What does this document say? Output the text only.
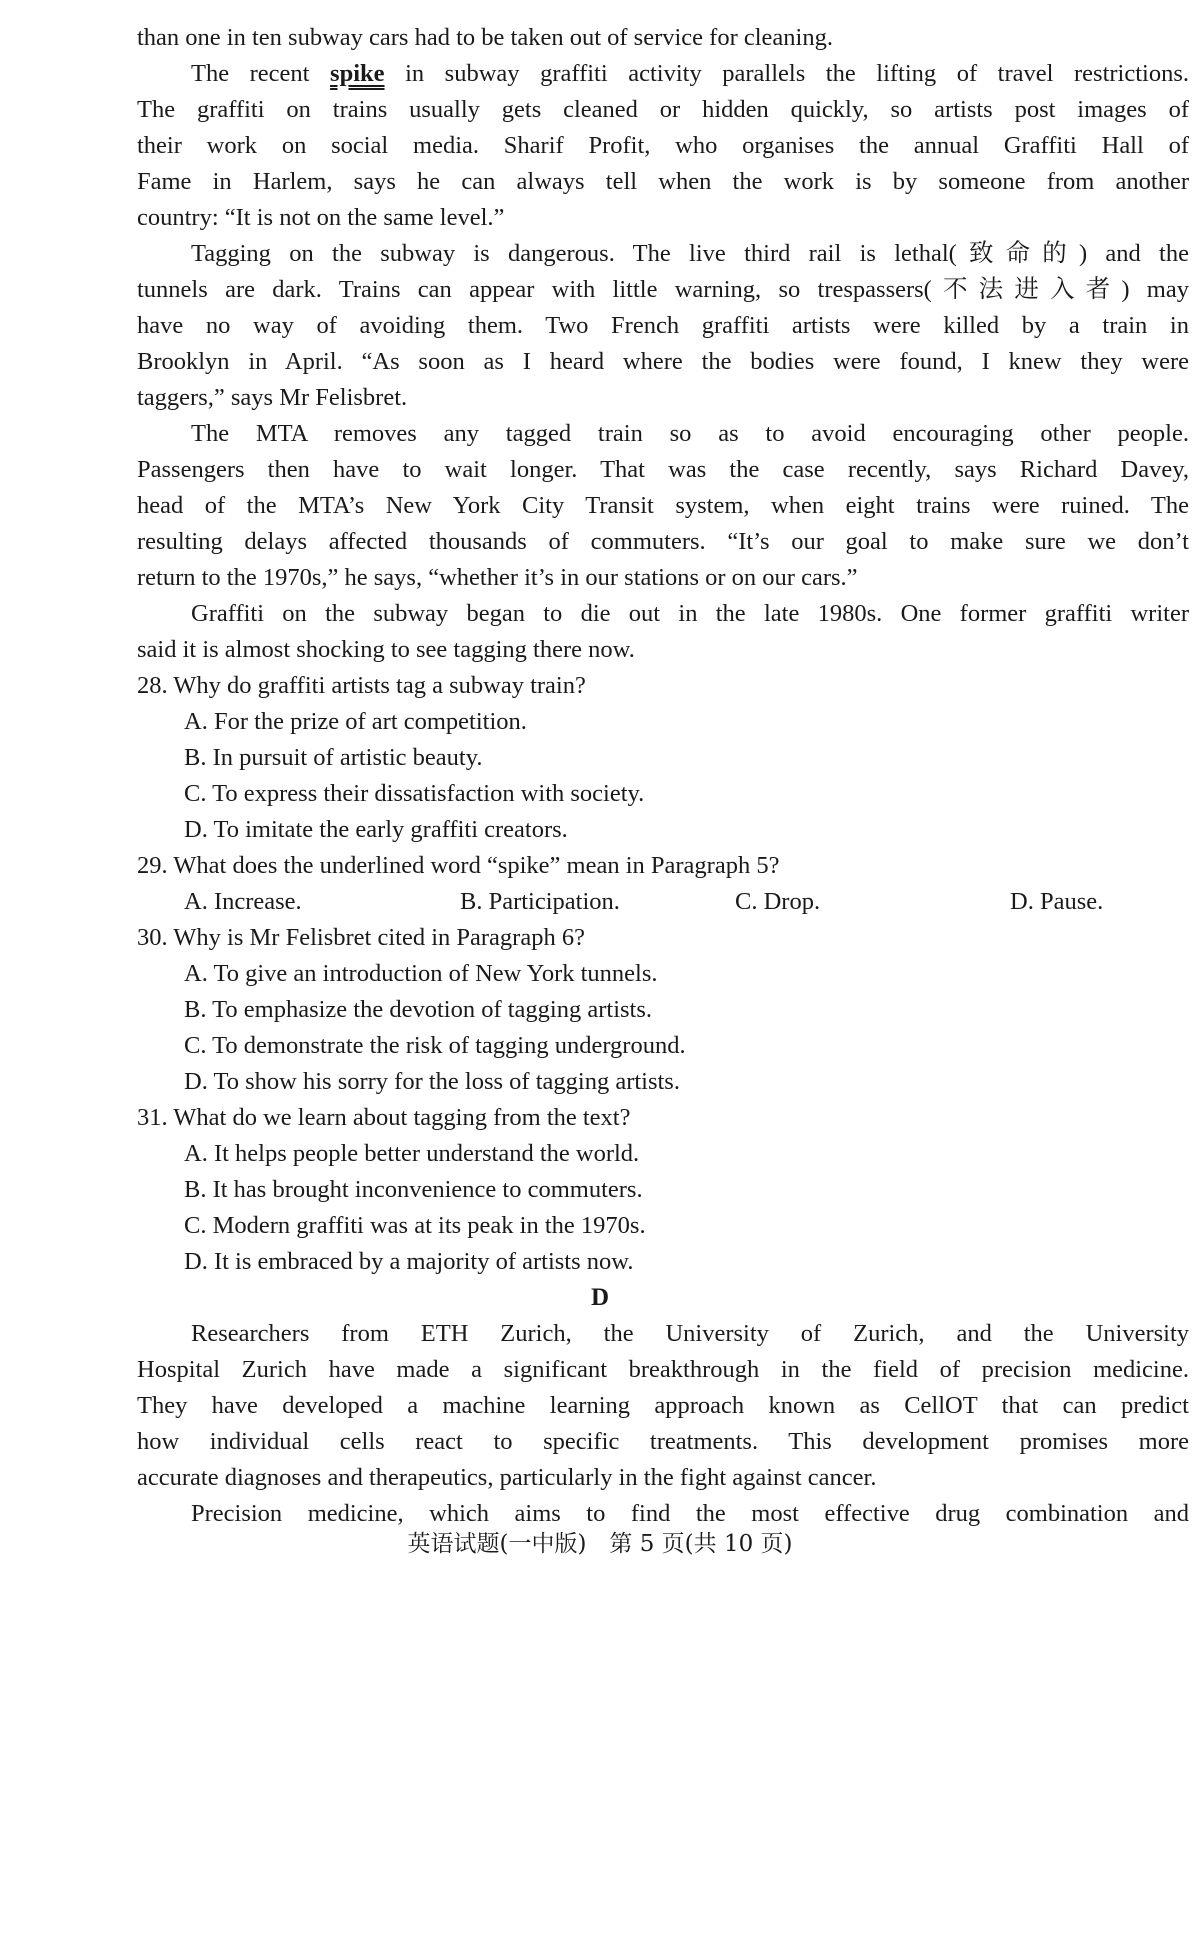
than one in ten subway cars had to be taken out of service for cleaning.
The recent spike in subway graffiti activity parallels the lifting of travel restrictions.
The graffiti on trains usually gets cleaned or hidden quickly, so artists post images of
their work on social media. Sharif Profit, who organises the annual Graffiti Hall of
Fame in Harlem, says he can always tell when the work is by someone from another
country: “It is not on the same level.”
Tagging on the subway is dangerous. The live third rail is lethal(致命的) and the
tunnels are dark. Trains can appear with little warning, so trespassers(不法进入者) may
have no way of avoiding them. Two French graffiti artists were killed by a train in
Brooklyn in April. “As soon as I heard where the bodies were found, I knew they were
taggers,” says Mr Felisbret.
The MTA removes any tagged train so as to avoid encouraging other people.
Passengers then have to wait longer. That was the case recently, says Richard Davey,
head of the MTA’s New York City Transit system, when eight trains were ruined. The
resulting delays affected thousands of commuters. “It’s our goal to make sure we don’t
return to the 1970s,” he says, “whether it’s in our stations or on our cars.”
Graffiti on the subway began to die out in the late 1980s. One former graffiti writer
said it is almost shocking to see tagging there now.
28. Why do graffiti artists tag a subway train?
A. For the prize of art competition.
B. In pursuit of artistic beauty.
C. To express their dissatisfaction with society.
D. To imitate the early graffiti creators.
29. What does the underlined word “spike” mean in Paragraph 5?
A. Increase.	B. Participation.	C. Drop.	D. Pause.
30. Why is Mr Felisbret cited in Paragraph 6?
A. To give an introduction of New York tunnels.
B. To emphasize the devotion of tagging artists.
C. To demonstrate the risk of tagging underground.
D. To show his sorry for the loss of tagging artists.
31. What do we learn about tagging from the text?
A. It helps people better understand the world.
B. It has brought inconvenience to commuters.
C. Modern graffiti was at its peak in the 1970s.
D. It is embraced by a majority of artists now.
D
Researchers from ETH Zurich, the University of Zurich, and the University
Hospital Zurich have made a significant breakthrough in the field of precision medicine.
They have developed a machine learning approach known as CellOT that can predict
how individual cells react to specific treatments. This development promises more
accurate diagnoses and therapeutics, particularly in the fight against cancer.
Precision medicine, which aims to find the most effective drug combination and
英语试题(一中版)　第 5 页(共 10 页)
